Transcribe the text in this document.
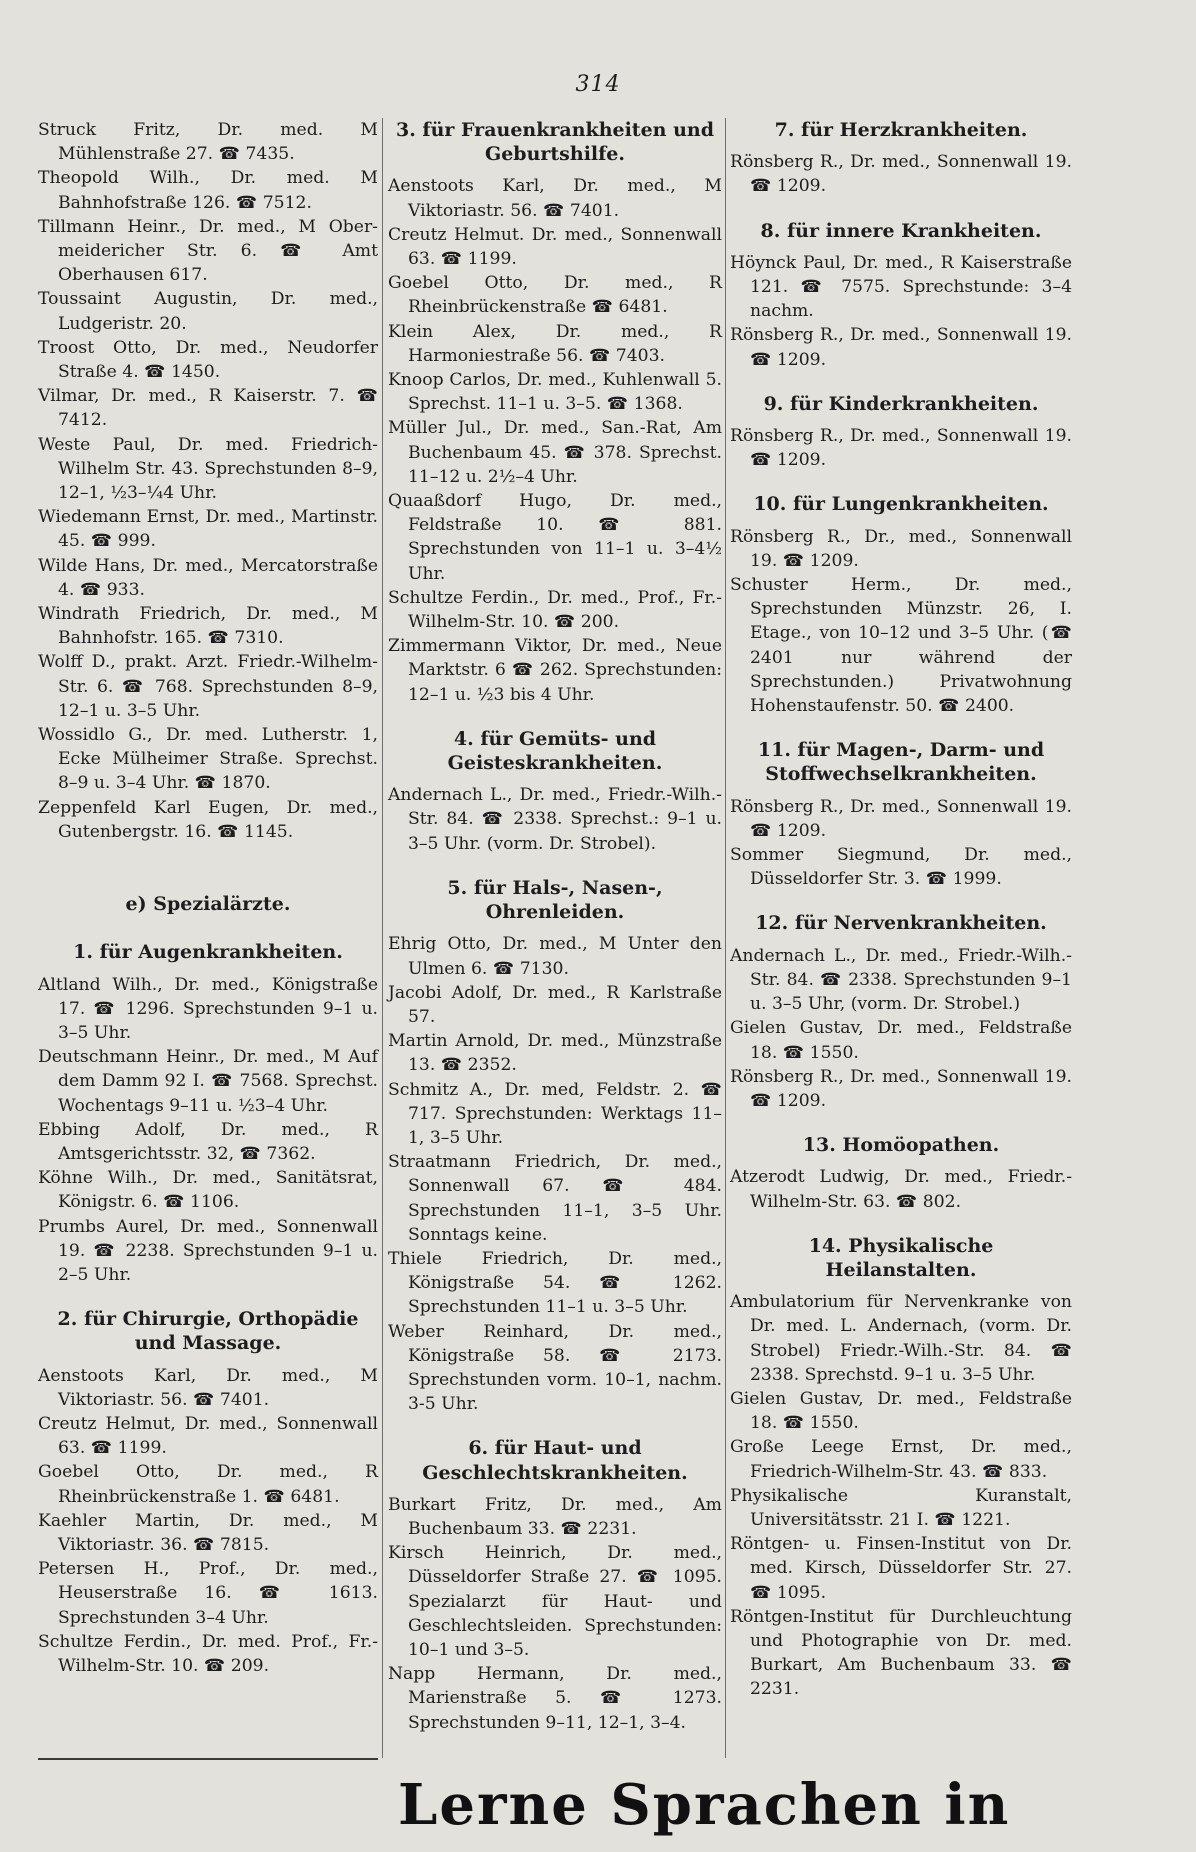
314
Struck Fritz, Dr. med. M Mühlenstraße 27. ☎ 7435.
Theopold Wilh., Dr. med. M Bahnhofstraße 126. ☎ 7512.
Tillmann Heinr., Dr. med., M Ober-meidericher Str. 6. ☎ Amt Oberhausen 617.
Toussaint Augustin, Dr. med., Ludgeristr. 20.
Troost Otto, Dr. med., Neudorfer Straße 4. ☎ 1450.
Vilmar, Dr. med., R Kaiserstr. 7. ☎ 7412.
Weste Paul, Dr. med. Friedrich-Wilhelm Str. 43. Sprechstunden 8–9, 12–1, ½3–¼4 Uhr.
Wiedemann Ernst, Dr. med., Martinstr. 45. ☎ 999.
Wilde Hans, Dr. med., Mercatorstraße 4. ☎ 933.
Windrath Friedrich, Dr. med., M Bahnhofstr. 165. ☎ 7310.
Wolff D., prakt. Arzt. Friedr.-Wilhelm-Str. 6. ☎ 768. Sprechstunden 8–9, 12–1 u. 3–5 Uhr.
Wossidlo G., Dr. med. Lutherstr. 1, Ecke Mülheimer Straße. Sprechst. 8–9 u. 3–4 Uhr. ☎ 1870.
Zeppenfeld Karl Eugen, Dr. med., Gutenbergstr. 16. ☎ 1145.
e) Spezialärzte.
1. für Augenkrankheiten.
Altland Wilh., Dr. med., Königstraße 17. ☎ 1296. Sprechstunden 9–1 u. 3–5 Uhr.
Deutschmann Heinr., Dr. med., M Auf dem Damm 92 I. ☎ 7568. Sprechst. Wochentags 9–11 u. ½3–4 Uhr.
Ebbing Adolf, Dr. med., R Amtsgerichtsstr. 32, ☎ 7362.
Köhne Wilh., Dr. med., Sanitätsrat, Königstr. 6. ☎ 1106.
Prumbs Aurel, Dr. med., Sonnenwall 19. ☎ 2238. Sprechstunden 9–1 u. 2–5 Uhr.
2. für Chirurgie, Orthopädie und Massage.
Aenstoots Karl, Dr. med., M Viktoriastr. 56. ☎ 7401.
Creutz Helmut, Dr. med., Sonnenwall 63. ☎ 1199.
Goebel Otto, Dr. med., R Rheinbrückenstraße 1. ☎ 6481.
Kaehler Martin, Dr. med., M Viktoriastr. 36. ☎ 7815.
Petersen H., Prof., Dr. med., Heuserstraße 16. ☎ 1613. Sprechstunden 3–4 Uhr.
Schultze Ferdin., Dr. med. Prof., Fr.-Wilhelm-Str. 10. ☎ 209.
3. für Frauenkrankheiten und Geburtshilfe.
Aenstoots Karl, Dr. med., M Viktoriastr. 56. ☎ 7401.
Creutz Helmut. Dr. med., Sonnenwall 63. ☎ 1199.
Goebel Otto, Dr. med., R Rheinbrückenstraße ☎ 6481.
Klein Alex, Dr. med., R Harmoniestraße 56. ☎ 7403.
Knoop Carlos, Dr. med., Kuhlenwall 5. Sprechst. 11–1 u. 3–5. ☎ 1368.
Müller Jul., Dr. med., San.-Rat, Am Buchenbaum 45. ☎ 378. Sprechst. 11–12 u. 2½–4 Uhr.
Quaaßdorf Hugo, Dr. med., Feldstraße 10. ☎ 881. Sprechstunden von 11–1 u. 3–4½ Uhr.
Schultze Ferdin., Dr. med., Prof., Fr.-Wilhelm-Str. 10. ☎ 200.
Zimmermann Viktor, Dr. med., Neue Marktstr. 6 ☎ 262. Sprechstunden: 12–1 u. ½3 bis 4 Uhr.
4. für Gemüts- und Geisteskrankheiten.
Andernach L., Dr. med., Friedr.-Wilh.-Str. 84. ☎ 2338. Sprechst.: 9–1 u. 3–5 Uhr. (vorm. Dr. Strobel).
5. für Hals-, Nasen-, Ohrenleiden.
Ehrig Otto, Dr. med., M Unter den Ulmen 6. ☎ 7130.
Jacobi Adolf, Dr. med., R Karlstraße 57.
Martin Arnold, Dr. med., Münzstraße 13. ☎ 2352.
Schmitz A., Dr. med, Feldstr. 2. ☎ 717. Sprechstunden: Werktags 11–1, 3–5 Uhr.
Straatmann Friedrich, Dr. med., Sonnenwall 67. ☎ 484. Sprechstunden 11–1, 3–5 Uhr. Sonntags keine.
Thiele Friedrich, Dr. med., Königstraße 54. ☎ 1262. Sprechstunden 11–1 u. 3–5 Uhr.
Weber Reinhard, Dr. med., Königstraße 58. ☎ 2173. Sprechstunden vorm. 10–1, nachm. 3-5 Uhr.
6. für Haut- und Geschlechtskrankheiten.
Burkart Fritz, Dr. med., Am Buchenbaum 33. ☎ 2231.
Kirsch Heinrich, Dr. med., Düsseldorfer Straße 27. ☎ 1095. Spezialarzt für Haut- und Geschlechtsleiden. Sprechstunden: 10–1 und 3–5.
Napp Hermann, Dr. med., Marienstraße 5. ☎ 1273. Sprechstunden 9–11, 12–1, 3–4.
7. für Herzkrankheiten.
Rönsberg R., Dr. med., Sonnenwall 19. ☎ 1209.
8. für innere Krankheiten.
Höynck Paul, Dr. med., R Kaiserstraße 121. ☎ 7575. Sprechstunde: 3–4 nachm.
Rönsberg R., Dr. med., Sonnenwall 19. ☎ 1209.
9. für Kinderkrankheiten.
Rönsberg R., Dr. med., Sonnenwall 19. ☎ 1209.
10. für Lungenkrankheiten.
Rönsberg R., Dr., med., Sonnenwall 19. ☎ 1209.
Schuster Herm., Dr. med., Sprechstunden Münzstr. 26, I. Etage., von 10–12 und 3–5 Uhr. (☎ 2401 nur während der Sprechstunden.) Privatwohnung Hohenstaufenstr. 50. ☎ 2400.
11. für Magen-, Darm- und Stoffwechselkrankheiten.
Rönsberg R., Dr. med., Sonnenwall 19. ☎ 1209.
Sommer Siegmund, Dr. med., Düsseldorfer Str. 3. ☎ 1999.
12. für Nervenkrankheiten.
Andernach L., Dr. med., Friedr.-Wilh.-Str. 84. ☎ 2338. Sprechstunden 9–1 u. 3–5 Uhr, (vorm. Dr. Strobel.)
Gielen Gustav, Dr. med., Feldstraße 18. ☎ 1550.
Rönsberg R., Dr. med., Sonnenwall 19. ☎ 1209.
13. Homöopathen.
Atzerodt Ludwig, Dr. med., Friedr.-Wilhelm-Str. 63. ☎ 802.
14. Physikalische Heilanstalten.
Ambulatorium für Nervenkranke von Dr. med. L. Andernach, (vorm. Dr. Strobel) Friedr.-Wilh.-Str. 84. ☎ 2338. Sprechstd. 9–1 u. 3–5 Uhr.
Gielen Gustav, Dr. med., Feldstraße 18. ☎ 1550.
Große Leege Ernst, Dr. med., Friedrich-Wilhelm-Str. 43. ☎ 833.
Physikalische Kuranstalt, Universitätsstr. 21 I. ☎ 1221.
Röntgen- u. Finsen-Institut von Dr. med. Kirsch, Düsseldorfer Str. 27. ☎ 1095.
Röntgen-Institut für Durchleuchtung und Photographie von Dr. med. Burkart, Am Buchenbaum 33. ☎ 2231.
Lerne Sprachen in
